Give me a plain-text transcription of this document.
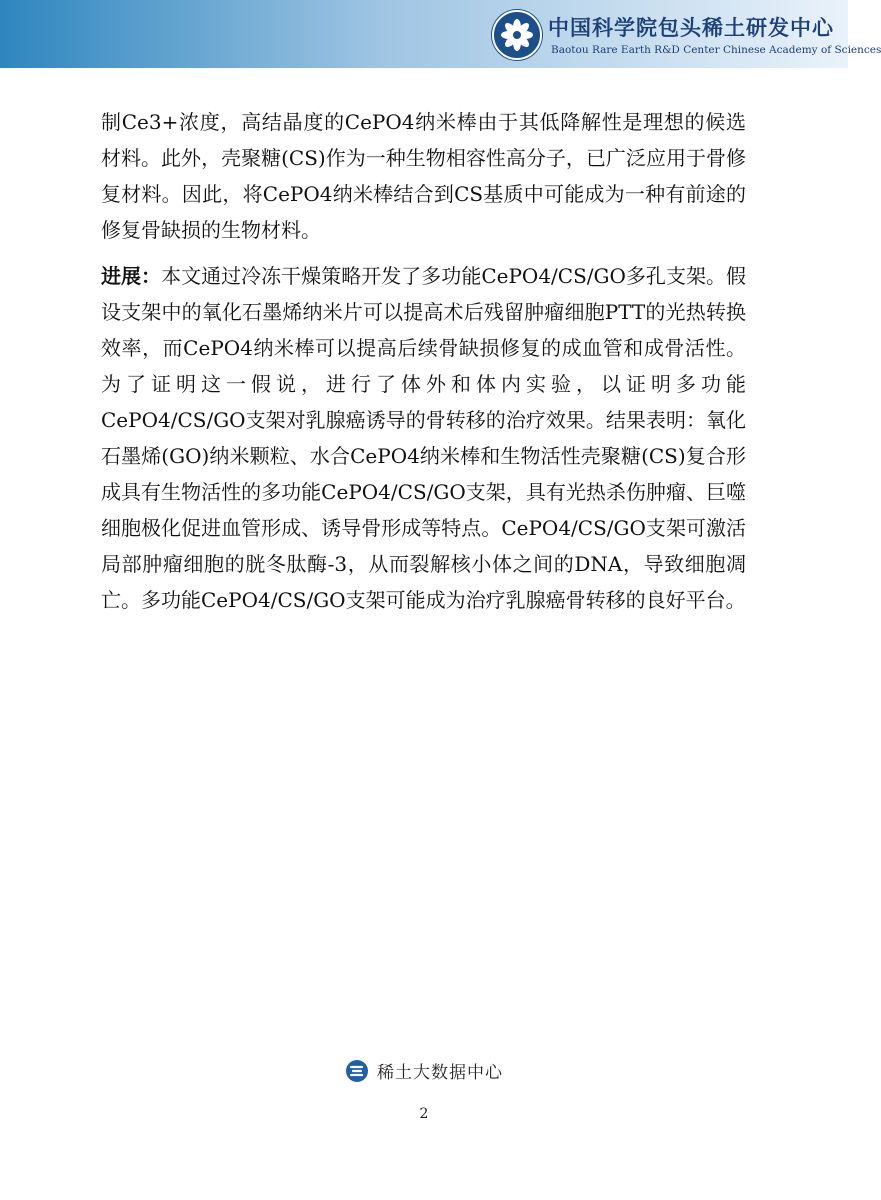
中国科学院包头稀土研发中心
Baotou Rare Earth R&D Center Chinese Academy of Sciences

制Ce3+浓度，高结晶度的CePO4纳米棒由于其低降解性是理想的候选材料。此外，壳聚糖(CS)作为一种生物相容性高分子，已广泛应用于骨修复材料。因此，将CePO4纳米棒结合到CS基质中可能成为一种有前途的修复骨缺损的生物材料。

进展：本文通过冷冻干燥策略开发了多功能CePO4/CS/GO多孔支架。假设支架中的氧化石墨烯纳米片可以提高术后残留肿瘤细胞PTT的光热转换效率，而CePO4纳米棒可以提高后续骨缺损修复的成血管和成骨活性。为了证明这一假说，进行了体外和体内实验，以证明多功能CePO4/CS/GO支架对乳腺癌诱导的骨转移的治疗效果。结果表明：氧化石墨烯(GO)纳米颗粒、水合CePO4纳米棒和生物活性壳聚糖(CS)复合形成具有生物活性的多功能CePO4/CS/GO支架，具有光热杀伤肿瘤、巨噬细胞极化促进血管形成、诱导骨形成等特点。CePO4/CS/GO支架可激活局部肿瘤细胞的胱冬肽酶-3，从而裂解核小体之间的DNA，导致细胞凋亡。多功能CePO4/CS/GO支架可能成为治疗乳腺癌骨转移的良好平台。

稀土大数据中心
2
